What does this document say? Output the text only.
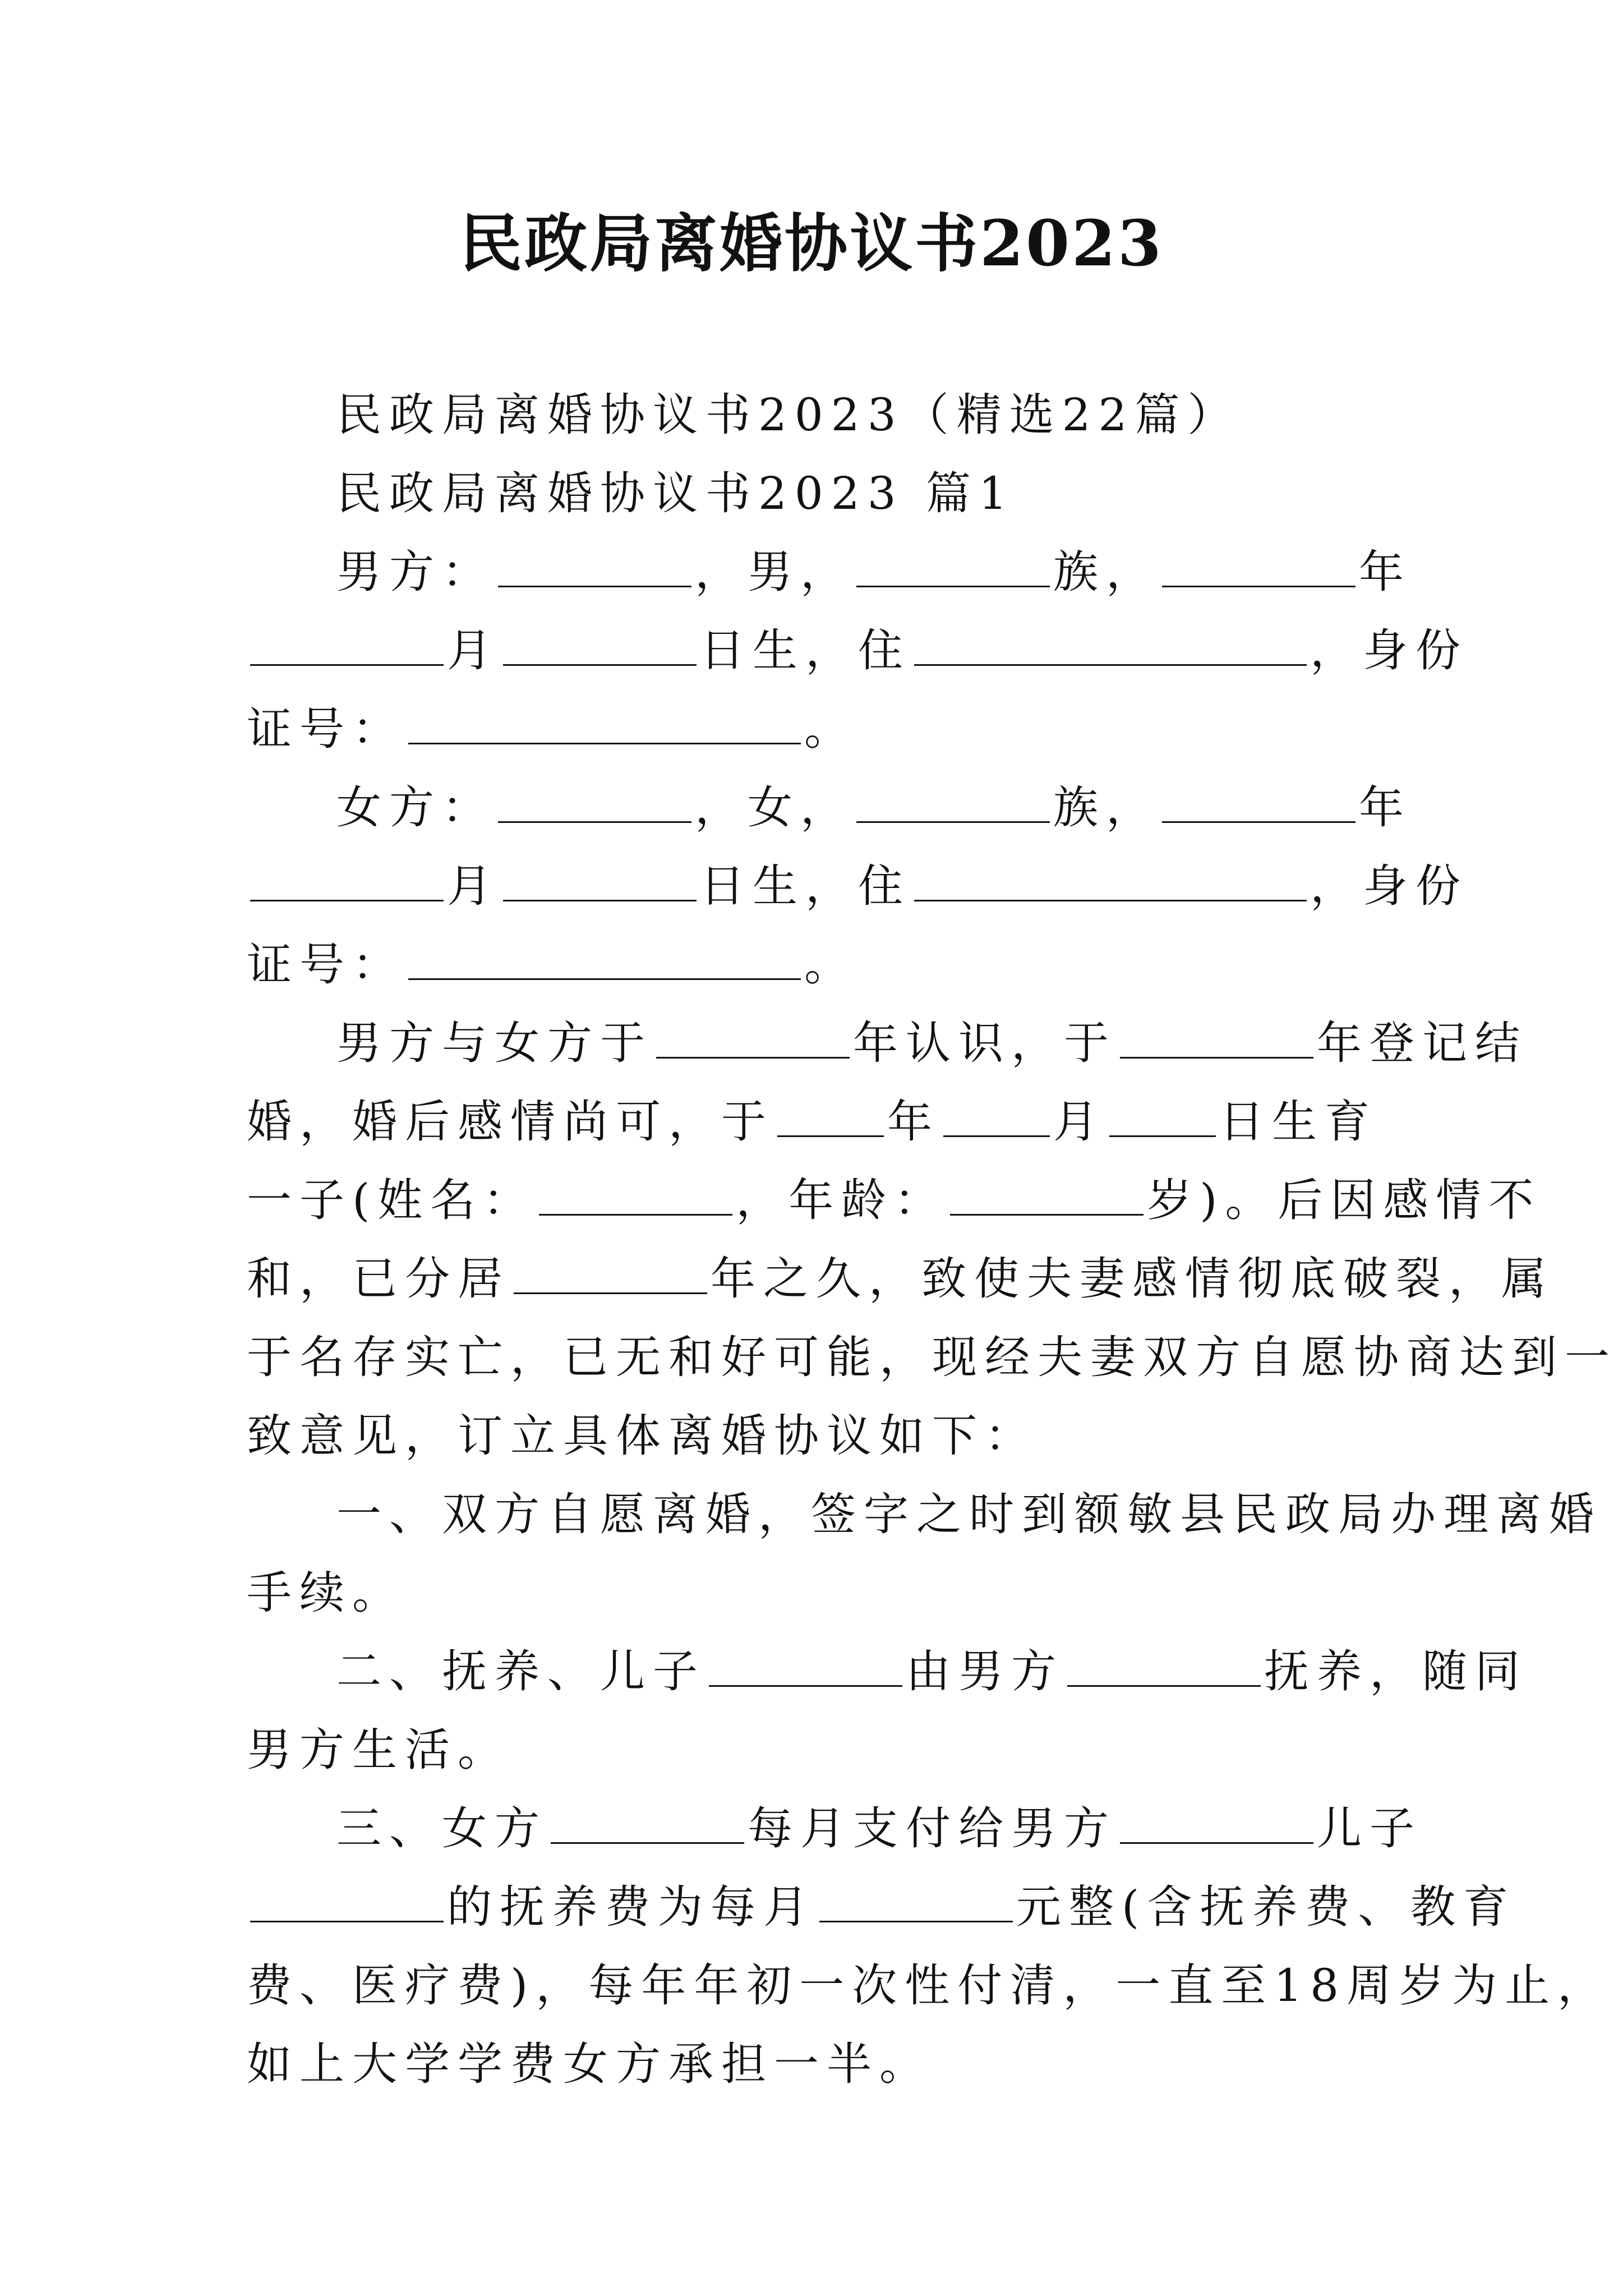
民政局离婚协议书2023
民政局离婚协议书2023（精选22篇）
民政局离婚协议书2023 篇1
男方：	，男，	族，	年
月	日生，住	，身份
证号：	。
女方：	，女，	族，	年
月	日生，住	，身份
证号：	。
男方与女方于	年认识，于	年登记结
婚，婚后感情尚可，于	年	月	日生育
一子(姓名：	，年龄：	岁)。后因感情不
和，已分居	年之久，致使夫妻感情彻底破裂，属
于名存实亡，已无和好可能，现经夫妻双方自愿协商达到一
致意见，订立具体离婚协议如下：
一、双方自愿离婚，签字之时到额敏县民政局办理离婚
手续。
二、抚养、儿子	由男方	抚养，随同
男方生活。
三、女方	每月支付给男方	儿子
的抚养费为每月	元整(含抚养费、教育
费、医疗费)，每年年初一次性付清，一直至18周岁为止，
如上大学学费女方承担一半。
